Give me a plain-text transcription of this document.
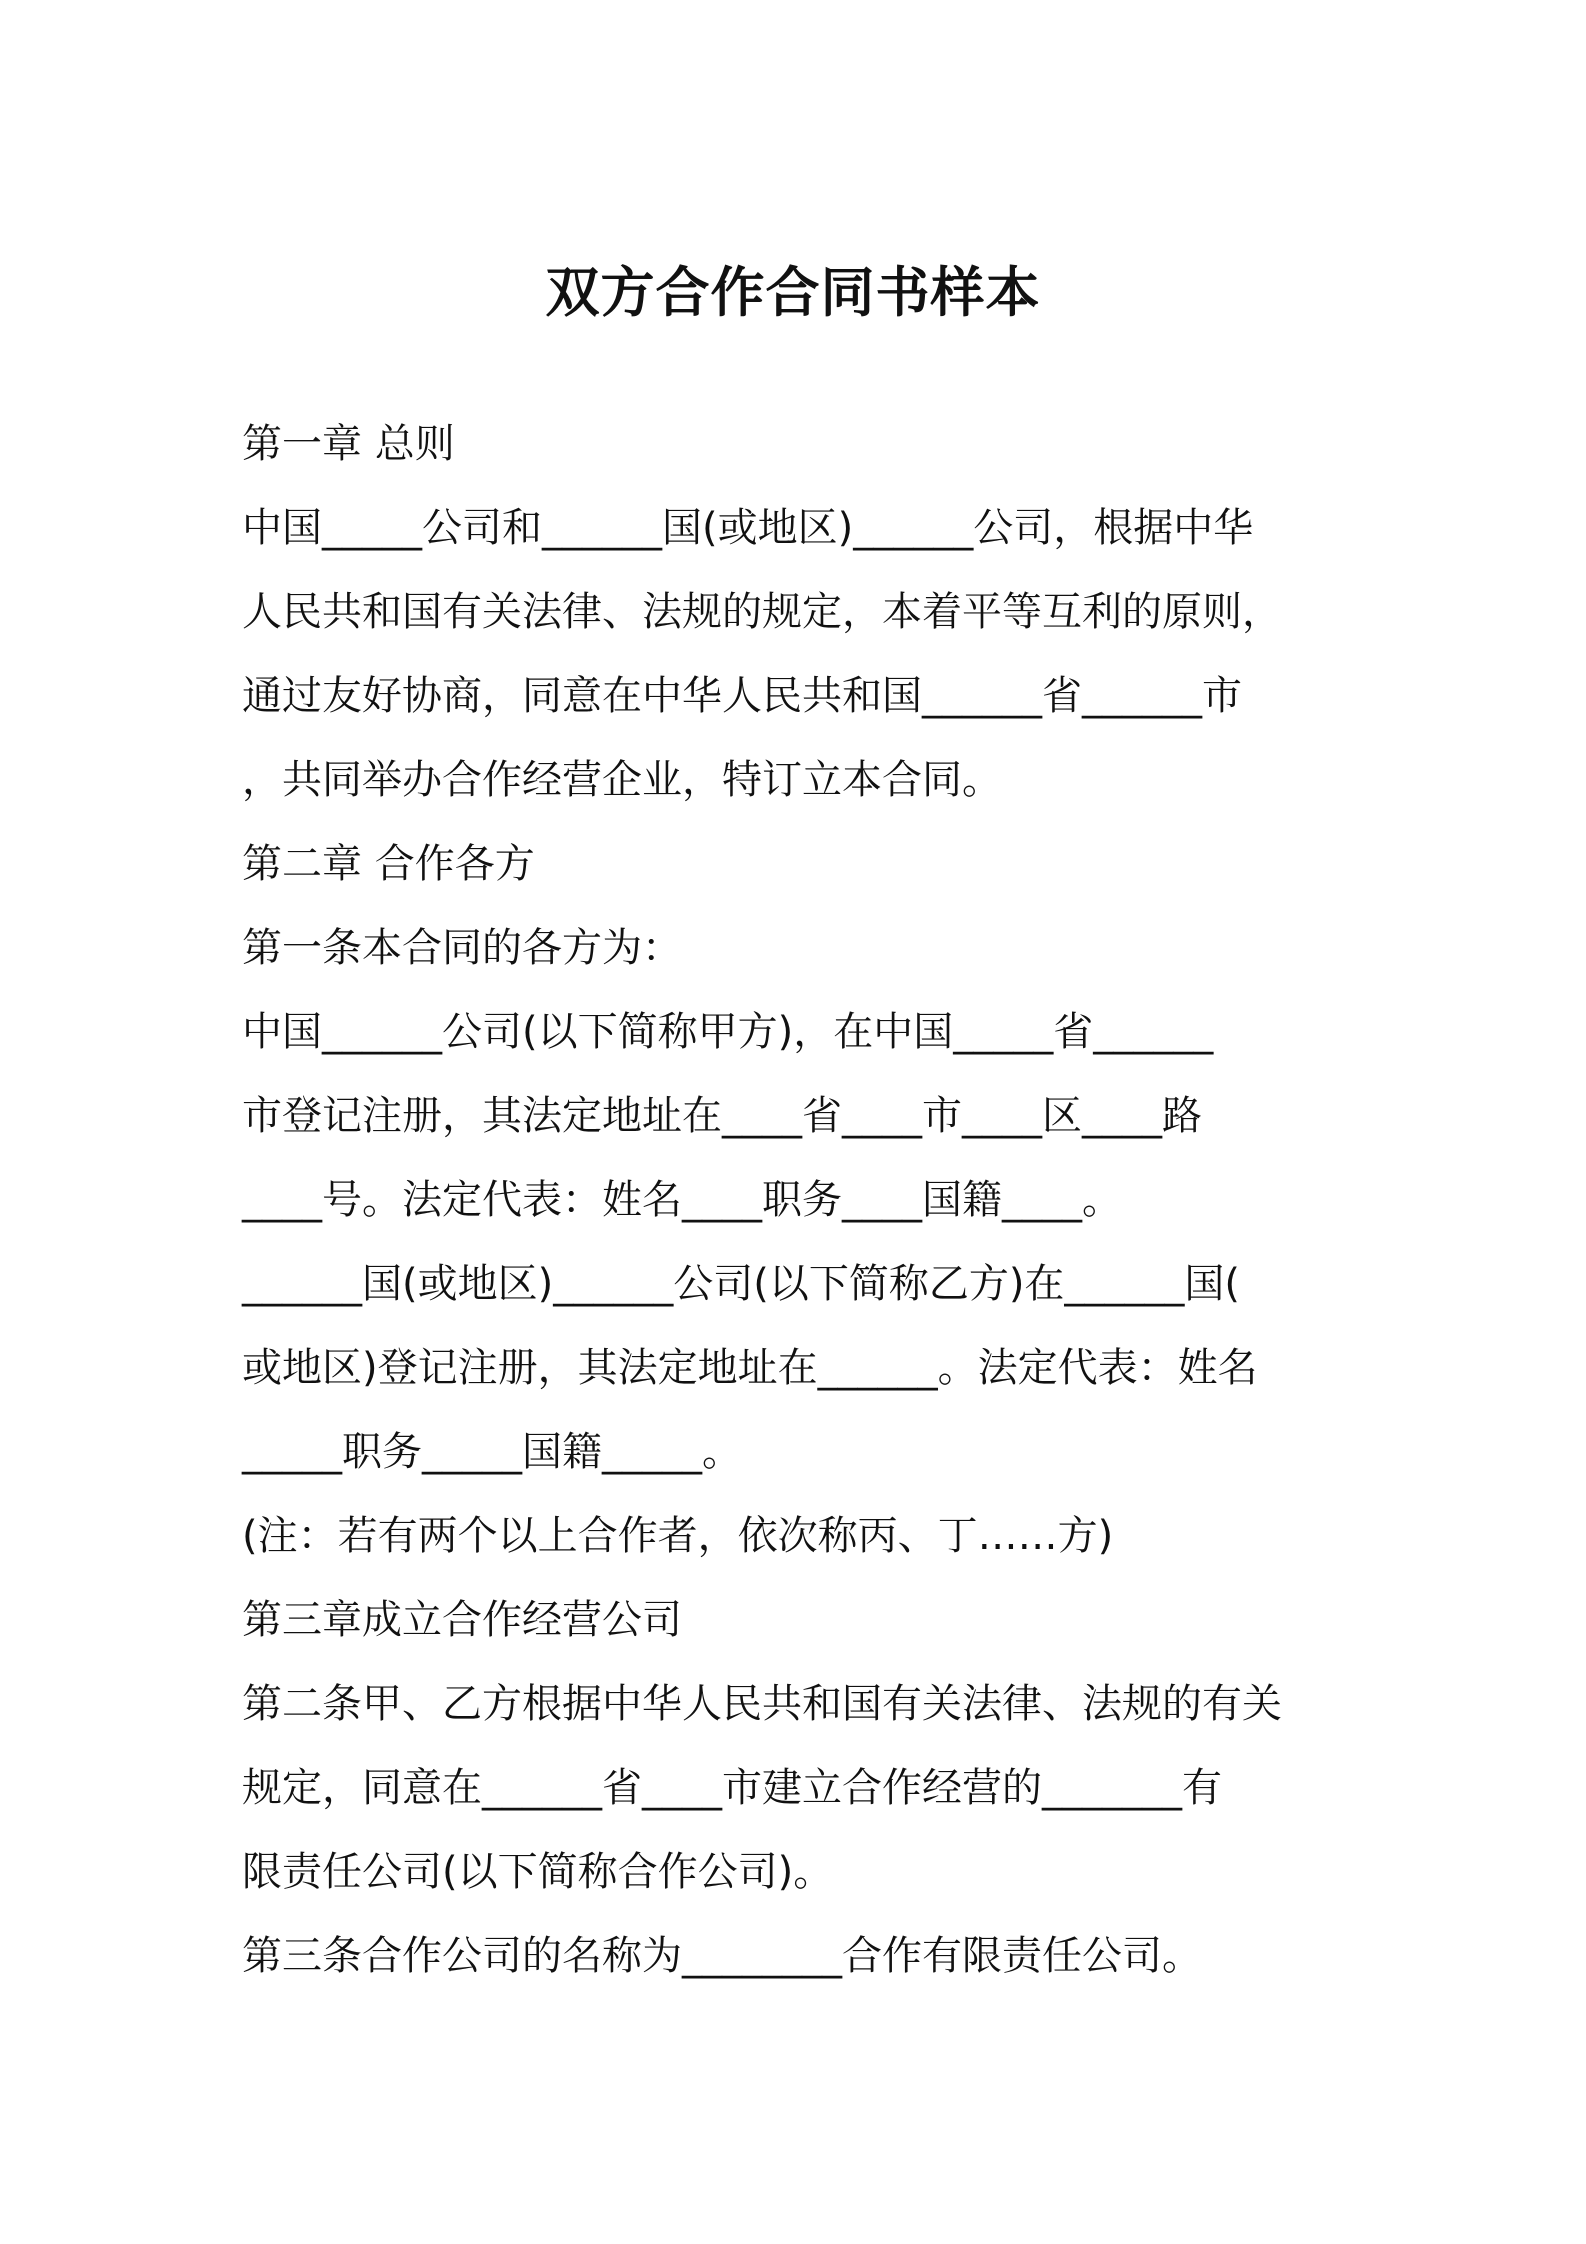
双方合作合同书样本
第一章 总则
中国_____公司和______国(或地区)______公司，根据中华
人民共和国有关法律、法规的规定，本着平等互利的原则，
通过友好协商，同意在中华人民共和国______省______市
，共同举办合作经营企业，特订立本合同。
第二章 合作各方
第一条本合同的各方为：
中国______公司(以下简称甲方)，在中国_____省______
市登记注册，其法定地址在____省____市____区____路
____号。法定代表：姓名____职务____国籍____。
______国(或地区)______公司(以下简称乙方)在______国(
或地区)登记注册，其法定地址在______。法定代表：姓名
_____职务_____国籍_____。
(注：若有两个以上合作者，依次称丙、丁……方)
第三章成立合作经营公司
第二条甲、乙方根据中华人民共和国有关法律、法规的有关
规定，同意在______省____市建立合作经营的_______有
限责任公司(以下简称合作公司)。
第三条合作公司的名称为________合作有限责任公司。
